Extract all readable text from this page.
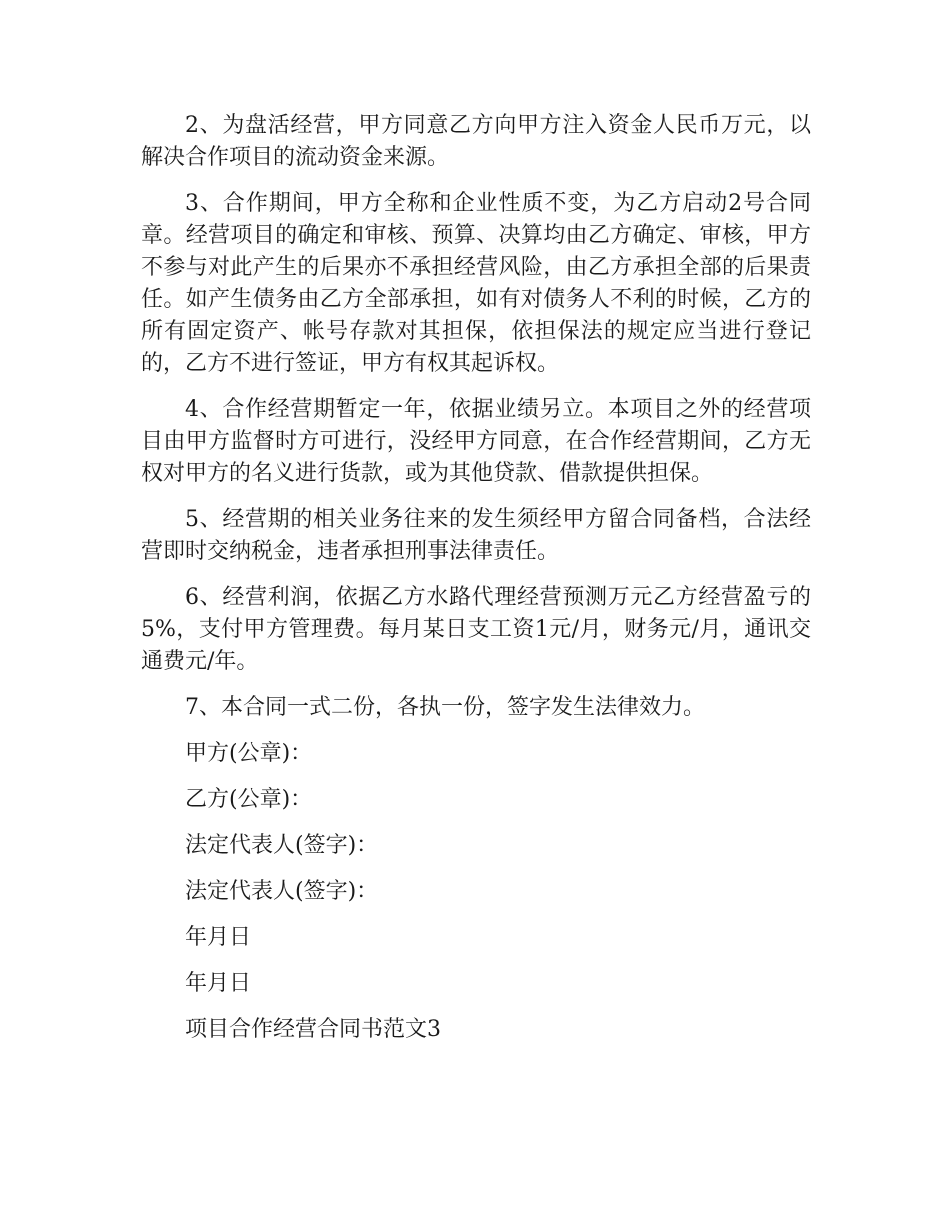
2、为盘活经营，甲方同意乙方向甲方注入资金人民币万元，以解决合作项目的流动资金来源。

3、合作期间，甲方全称和企业性质不变，为乙方启动2号合同章。经营项目的确定和审核、预算、决算均由乙方确定、审核，甲方不参与对此产生的后果亦不承担经营风险，由乙方承担全部的后果责任。如产生债务由乙方全部承担，如有对债务人不利的时候，乙方的所有固定资产、帐号存款对其担保，依担保法的规定应当进行登记的，乙方不进行签证，甲方有权其起诉权。

4、合作经营期暂定一年，依据业绩另立。本项目之外的经营项目由甲方监督时方可进行，没经甲方同意，在合作经营期间，乙方无权对甲方的名义进行货款，或为其他贷款、借款提供担保。

5、经营期的相关业务往来的发生须经甲方留合同备档，合法经营即时交纳税金，违者承担刑事法律责任。

6、经营利润，依据乙方水路代理经营预测万元乙方经营盈亏的5%，支付甲方管理费。每月某日支工资1元/月，财务元/月，通讯交通费元/年。

7、本合同一式二份，各执一份，签字发生法律效力。

甲方(公章)：

乙方(公章)：

法定代表人(签字)：

法定代表人(签字)：

年月日

年月日

项目合作经营合同书范文3
